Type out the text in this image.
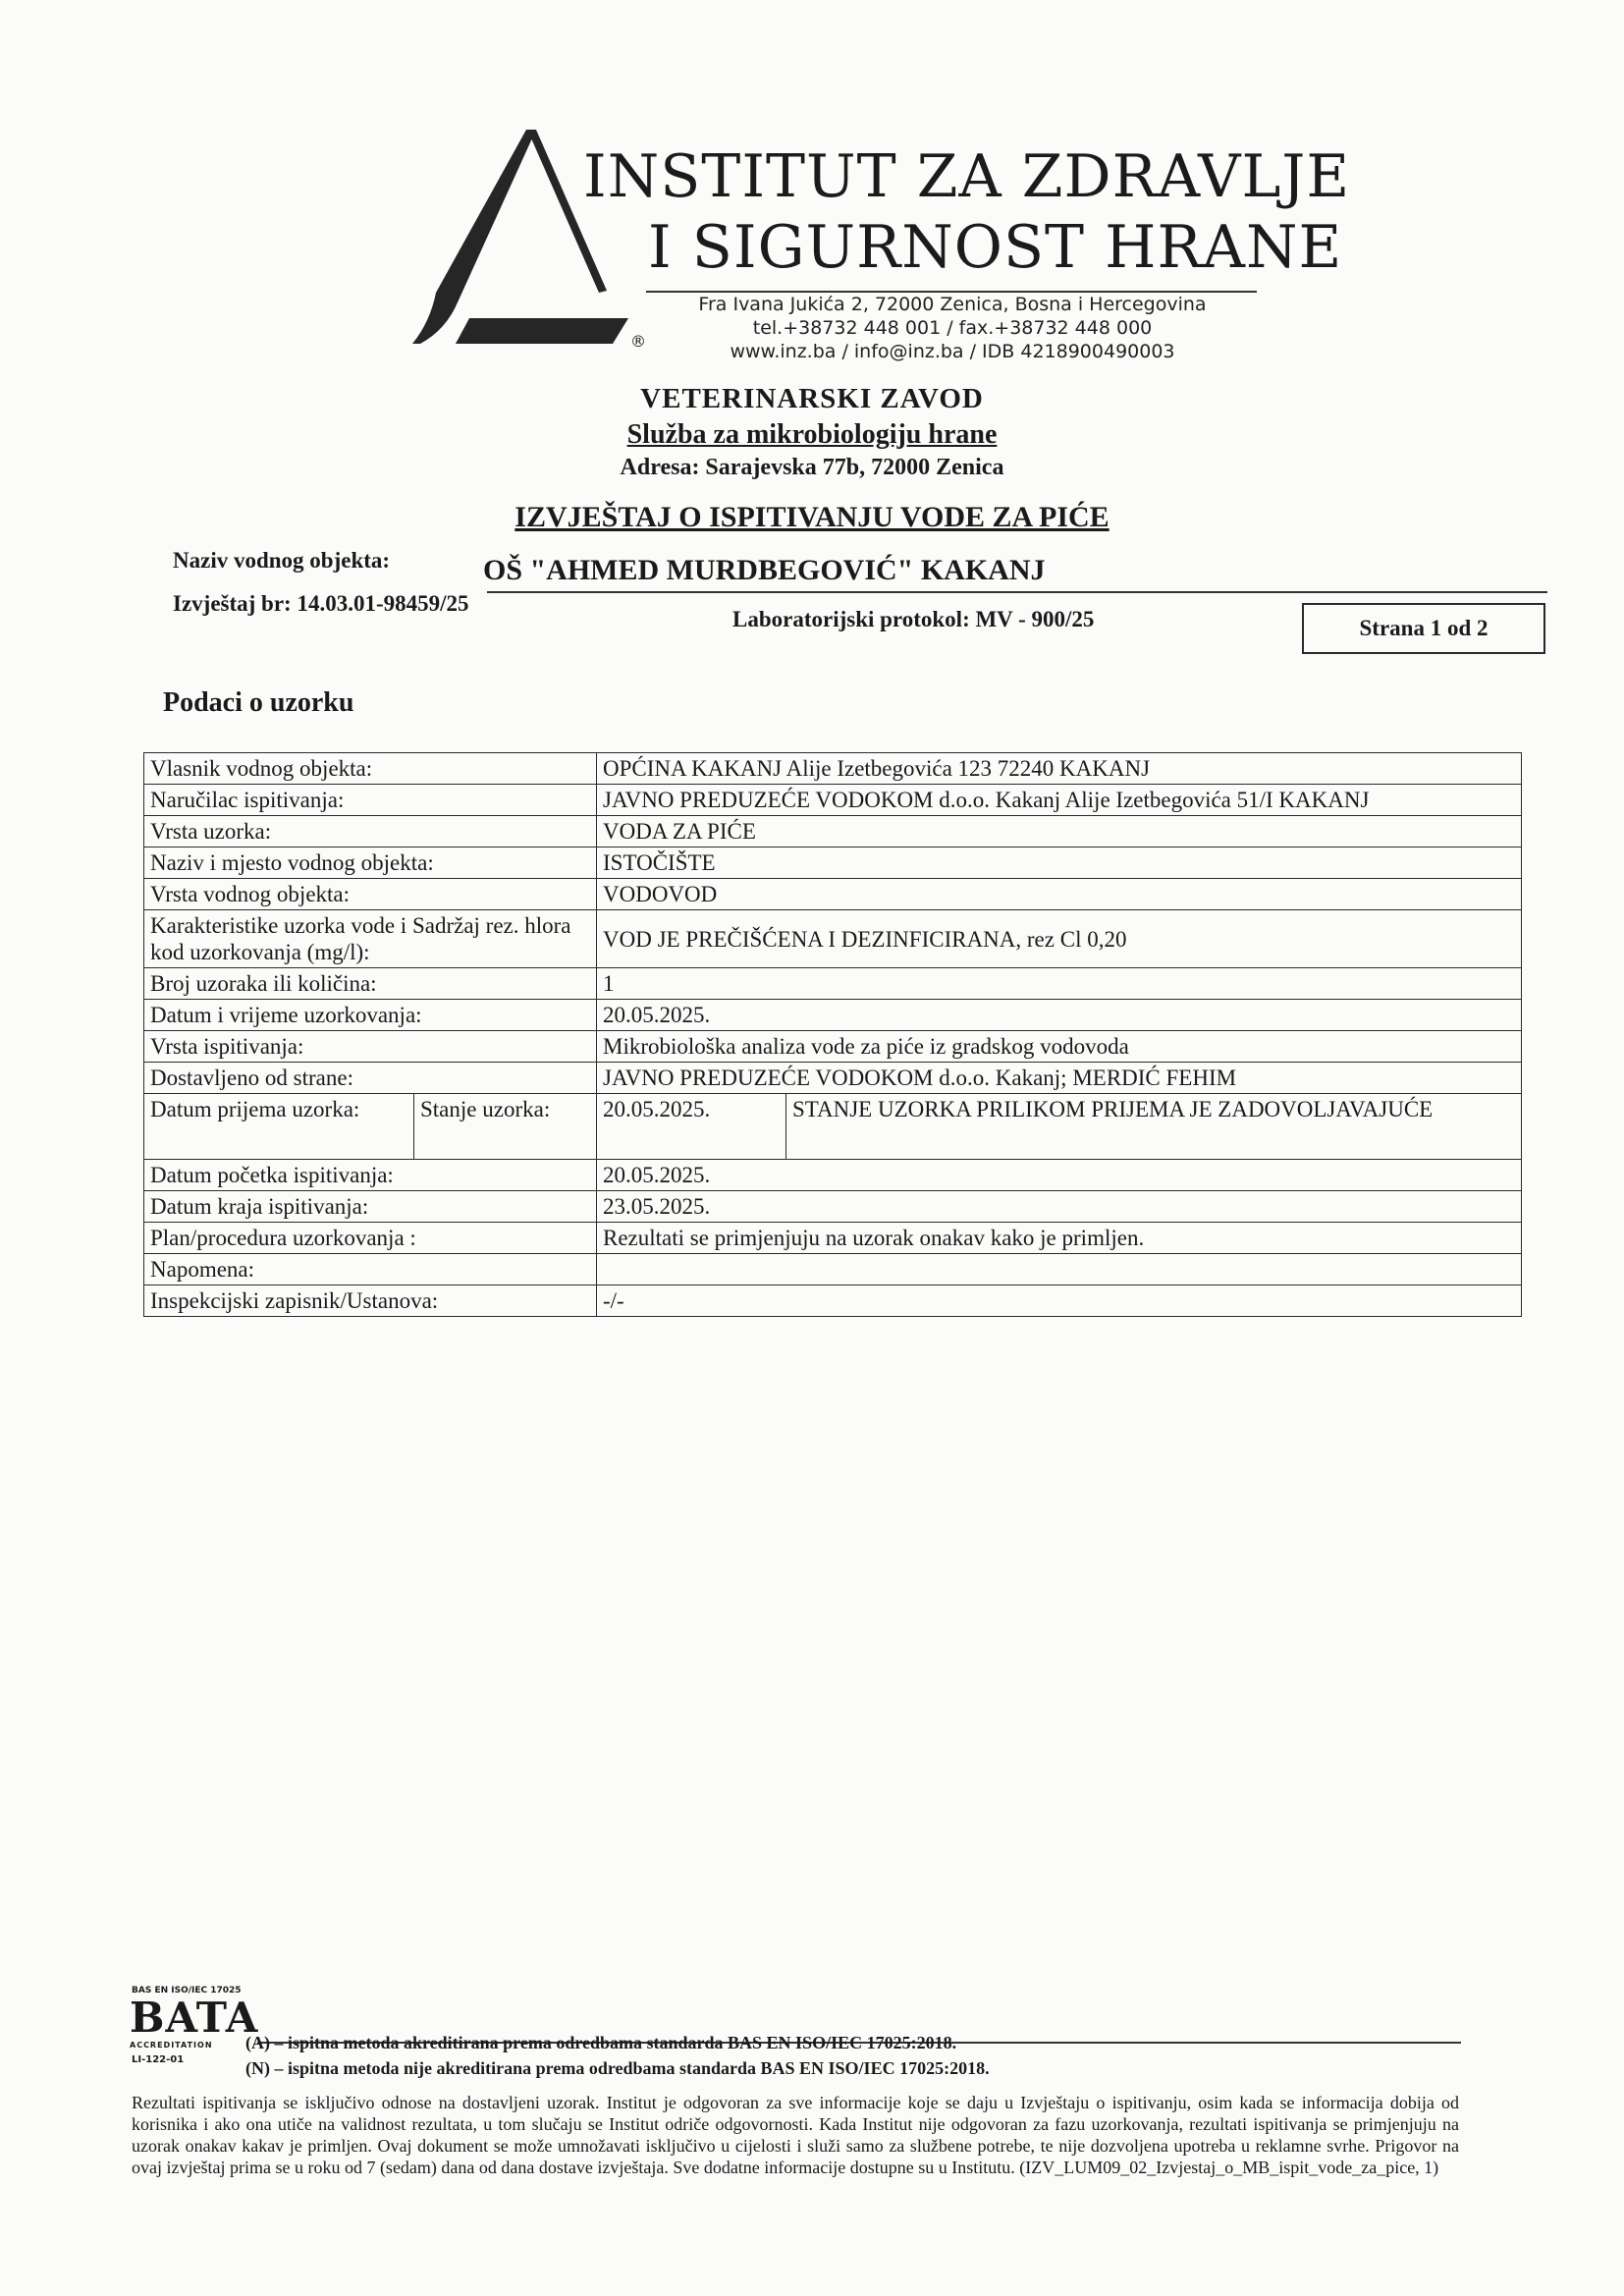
®
INSTITUT ZA ZDRAVLJE
I SIGURNOST HRANE
Fra Ivana Jukića 2, 72000 Zenica, Bosna i Hercegovina
tel.+38732 448 001 / fax.+38732 448 000
www.inz.ba / info@inz.ba / IDB 4218900490003
VETERINARSKI ZAVOD
Služba za mikrobiologiju hrane
Adresa: Sarajevska 77b, 72000 Zenica
IZVJEŠTAJ O ISPITIVANJU VODE ZA PIĆE
Naziv vodnog objekta:	OŠ "AHMED MURDBEGOVIĆ" KAKANJ
Izvještaj br: 14.03.01-98459/25
Laboratorijski protokol: MV - 900/25	Strana 1 od 2
Podaci o uzorku
Vlasnik vodnog objekta:	OPĆINA KAKANJ Alije Izetbegovića 123 72240 KAKANJ	
Naručilac ispitivanja:	JAVNO PREDUZEĆE VODOKOM d.o.o. Kakanj Alije Izetbegovića 51/I KAKANJ	
Vrsta uzorka:	VODA ZA PIĆE	
Naziv i mjesto vodnog objekta:	ISTOČIŠTE	
Vrsta vodnog objekta:	VODOVOD	
Karakteristike uzorka vode i Sadržaj rez. hlora kod uzorkovanja (mg/l):	VOD JE PREČIŠĆENA I DEZINFICIRANA, rez Cl 0,20	
Broj uzoraka ili količina:	1	
Datum i vrijeme uzorkovanja:	20.05.2025.	
Vrsta ispitivanja:	Mikrobiološka analiza vode za piće iz gradskog vodovoda	
Dostavljeno od strane:	JAVNO PREDUZEĆE VODOKOM d.o.o. Kakanj; MERDIĆ FEHIM	

Datum prijema uzorka: Stanje uzorka:	20.05.2025.	STANJE UZORKA PRILIKOM PRIJEMA JE ZADOVOLJAVAJUĆE
Datum početka ispitivanja:	20.05.2025.	
Datum kraja ispitivanja:	23.05.2025.	
Plan/procedura uzorkovanja :	Rezultati se primjenjuju na uzorak onakav kako je primljen.	
Napomena:		
Inspekcijski zapisnik/Ustanova:	-/-	
BAS EN ISO/IEC 17025
BATA
ACCREDITATION
LI-122-01
(A) – ispitna metoda akreditirana prema odredbama standarda BAS EN ISO/IEC 17025:2018.
(N) – ispitna metoda nije akreditirana prema odredbama standarda BAS EN ISO/IEC 17025:2018.
Rezultati ispitivanja se isključivo odnose na dostavljeni uzorak. Institut je odgovoran za sve informacije koje se daju u Izvještaju o ispitivanju, osim kada se informacija dobija od korisnika i ako ona utiče na validnost rezultata, u tom slučaju se Institut odriče odgovornosti. Kada Institut nije odgovoran za fazu uzorkovanja, rezultati ispitivanja se primjenjuju na uzorak onakav kakav je primljen. Ovaj dokument se može umnožavati isključivo u cijelosti i služi samo za službene potrebe, te nije dozvoljena upotreba u reklamne svrhe. Prigovor na ovaj izvještaj prima se u roku od 7 (sedam) dana od dana dostave izvještaja. Sve dodatne informacije dostupne su u Institutu. (IZV_LUM09_02_Izvjestaj_o_MB_ispit_vode_za_pice, 1)
